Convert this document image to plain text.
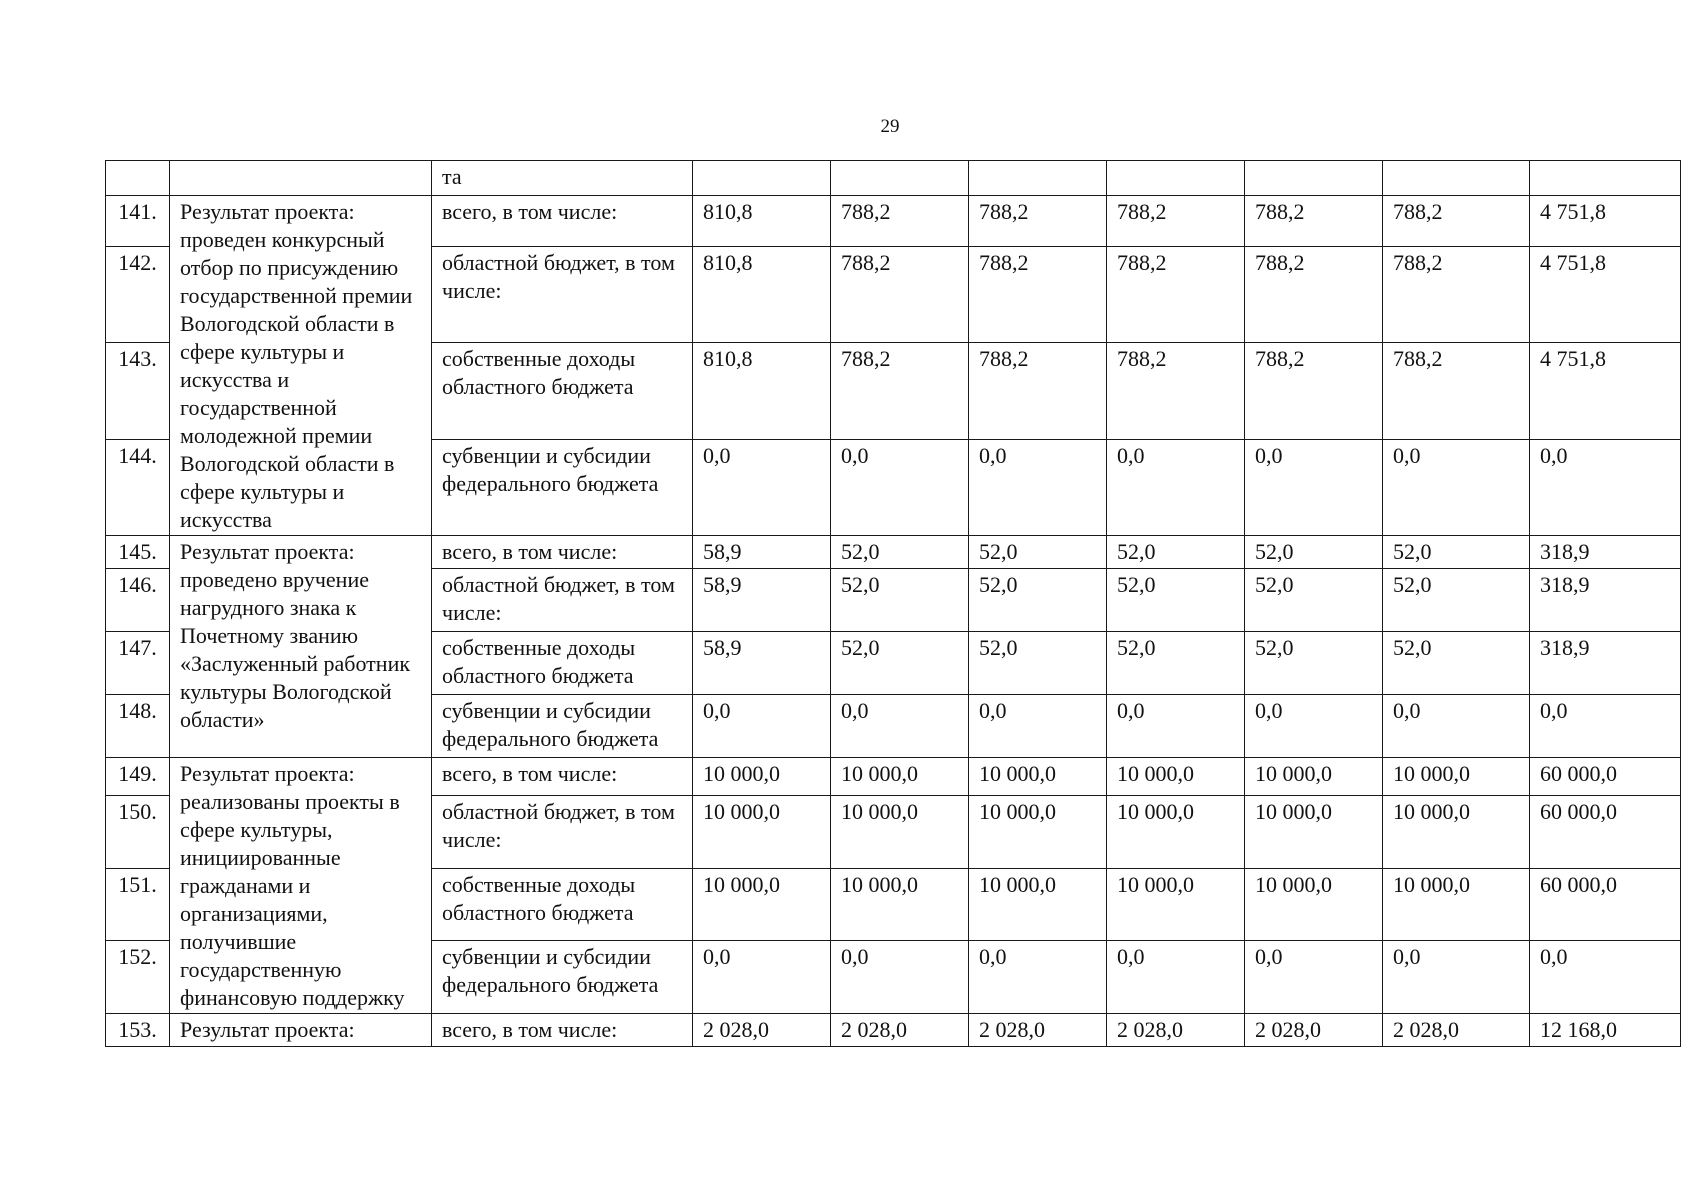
29
		та							
141.	Результат проекта: проведен конкурсный отбор по присуждению государственной премии Вологодской области в сфере культуры и искусства и государственной молодежной премии Вологодской области в сфере культуры и искусства	всего, в том числе:	810,8	788,2	788,2	788,2	788,2	788,2	4 751,8
142.		областной бюджет, в том числе:	810,8	788,2	788,2	788,2	788,2	788,2	4 751,8
143.		собственные доходы областного бюджета	810,8	788,2	788,2	788,2	788,2	788,2	4 751,8
144.		субвенции и субсидии федерального бюджета	0,0	0,0	0,0	0,0	0,0	0,0	0,0
145.	Результат проекта: проведено вручение нагрудного знака к Почетному званию «Заслуженный работник культуры Вологодской области»	всего, в том числе:	58,9	52,0	52,0	52,0	52,0	52,0	318,9
146.		областной бюджет, в том числе:	58,9	52,0	52,0	52,0	52,0	52,0	318,9
147.		собственные доходы областного бюджета	58,9	52,0	52,0	52,0	52,0	52,0	318,9
148.		субвенции и субсидии федерального бюджета	0,0	0,0	0,0	0,0	0,0	0,0	0,0
149.	Результат проекта: реализованы проекты в сфере культуры, инициированные гражданами и организациями, получившие государственную финансовую поддержку	всего, в том числе:	10 000,0	10 000,0	10 000,0	10 000,0	10 000,0	10 000,0	60 000,0
150.		областной бюджет, в том числе:	10 000,0	10 000,0	10 000,0	10 000,0	10 000,0	10 000,0	60 000,0
151.		собственные доходы областного бюджета	10 000,0	10 000,0	10 000,0	10 000,0	10 000,0	10 000,0	60 000,0
152.		субвенции и субсидии федерального бюджета	0,0	0,0	0,0	0,0	0,0	0,0	0,0
153.	Результат проекта:	всего, в том числе:	2 028,0	2 028,0	2 028,0	2 028,0	2 028,0	2 028,0	12 168,0
